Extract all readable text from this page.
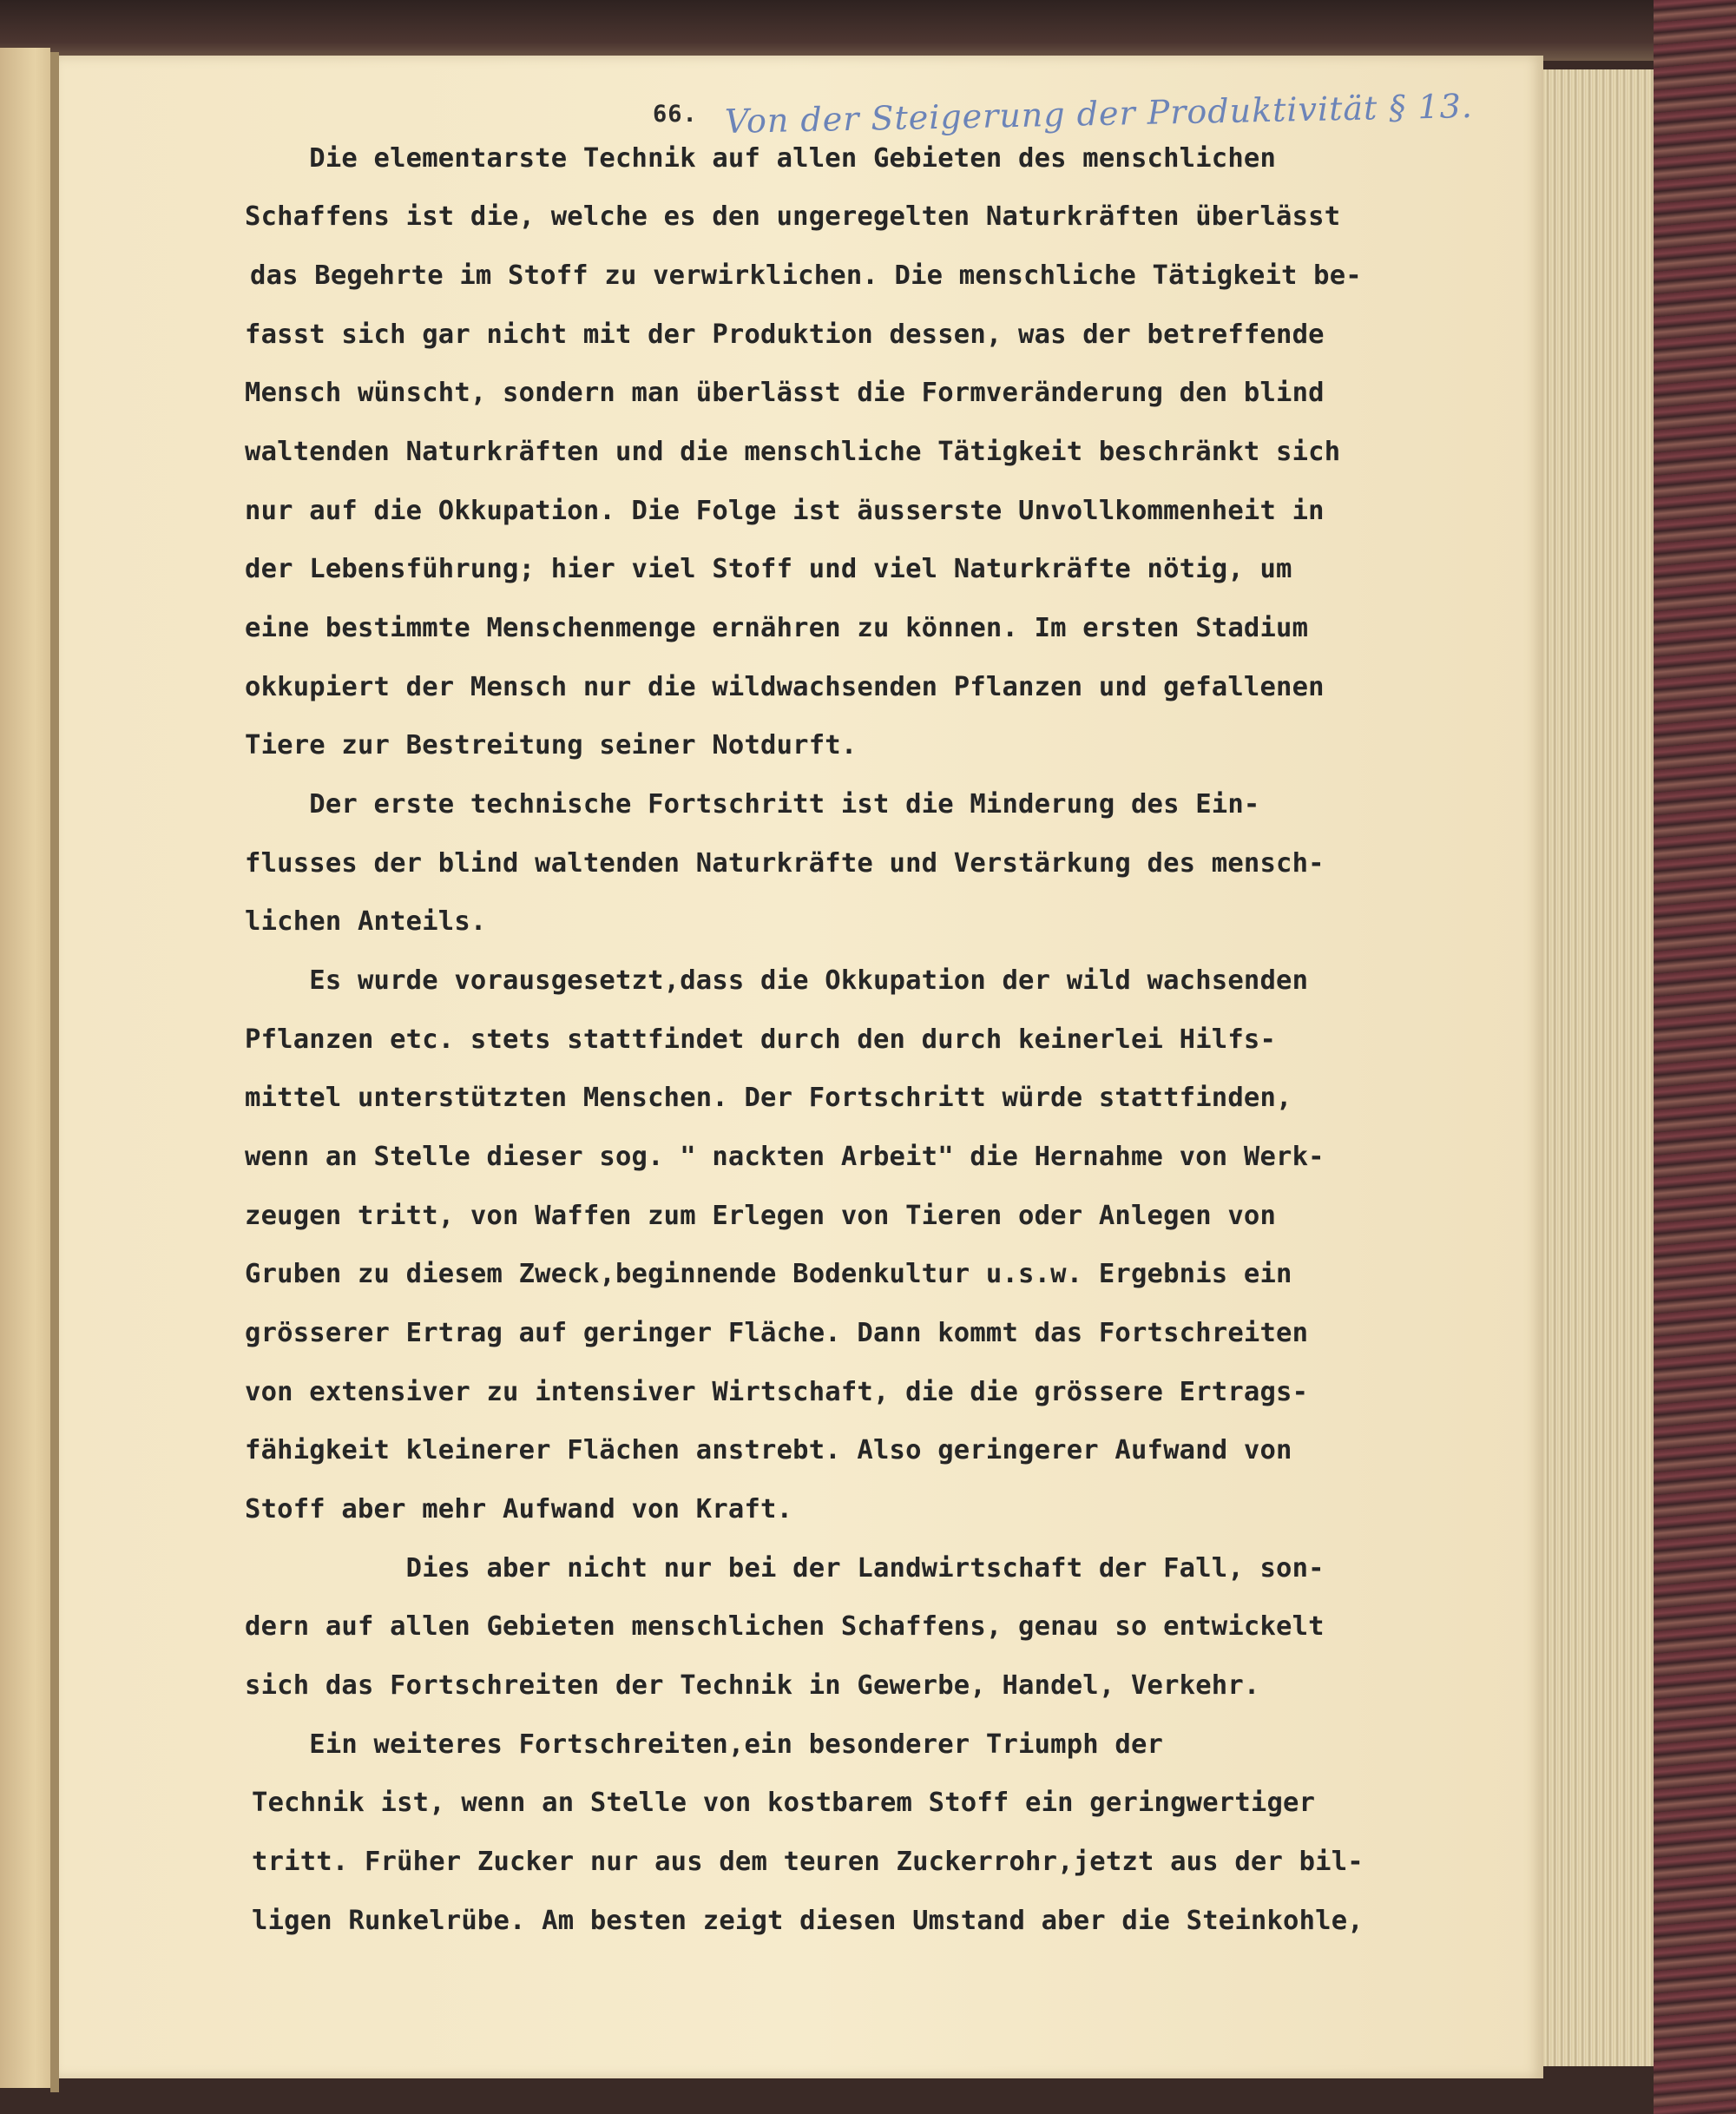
66. Von der Steigerung der Produktivität § 13.
Die elementarste Technik auf allen Gebieten des menschlichen
Schaffens ist die, welche es den ungeregelten Naturkräften überlässt
das Begehrte im Stoff zu verwirklichen. Die menschliche Tätigkeit be-
fasst sich gar nicht mit der Produktion dessen, was der betreffende
Mensch wünscht, sondern man überlässt die Formveränderung den blind
waltenden Naturkräften und die menschliche Tätigkeit beschränkt sich
nur auf die Okkupation. Die Folge ist äusserste Unvollkommenheit in
der Lebensführung; hier viel Stoff und viel Naturkräfte nötig, um
eine bestimmte Menschenmenge ernähren zu können. Im ersten Stadium
okkupiert der Mensch nur die wildwachsenden Pflanzen und gefallenen
Tiere zur Bestreitung seiner Notdurft.
Der erste technische Fortschritt ist die Minderung des Ein-
flusses der blind waltenden Naturkräfte und Verstärkung des mensch-
lichen Anteils.
Es wurde vorausgesetzt,dass die Okkupation der wild wachsenden
Pflanzen etc. stets stattfindet durch den durch keinerlei Hilfs-
mittel unterstützten Menschen. Der Fortschritt würde stattfinden,
wenn an Stelle dieser sog. " nackten Arbeit" die Hernahme von Werk-
zeugen tritt, von Waffen zum Erlegen von Tieren oder Anlegen von
Gruben zu diesem Zweck,beginnende Bodenkultur u.s.w. Ergebnis ein
grösserer Ertrag auf geringer Fläche. Dann kommt das Fortschreiten
von extensiver zu intensiver Wirtschaft, die die grössere Ertrags-
fähigkeit kleinerer Flächen anstrebt. Also geringerer Aufwand von
Stoff aber mehr Aufwand von Kraft.
Dies aber nicht nur bei der Landwirtschaft der Fall, son-
dern auf allen Gebieten menschlichen Schaffens, genau so entwickelt
sich das Fortschreiten der Technik in Gewerbe, Handel, Verkehr.
Ein weiteres Fortschreiten,ein besonderer Triumph der
Technik ist, wenn an Stelle von kostbarem Stoff ein geringwertiger
tritt. Früher Zucker nur aus dem teuren Zuckerrohr,jetzt aus der bil-
ligen Runkelrübe. Am besten zeigt diesen Umstand aber die Steinkohle,
